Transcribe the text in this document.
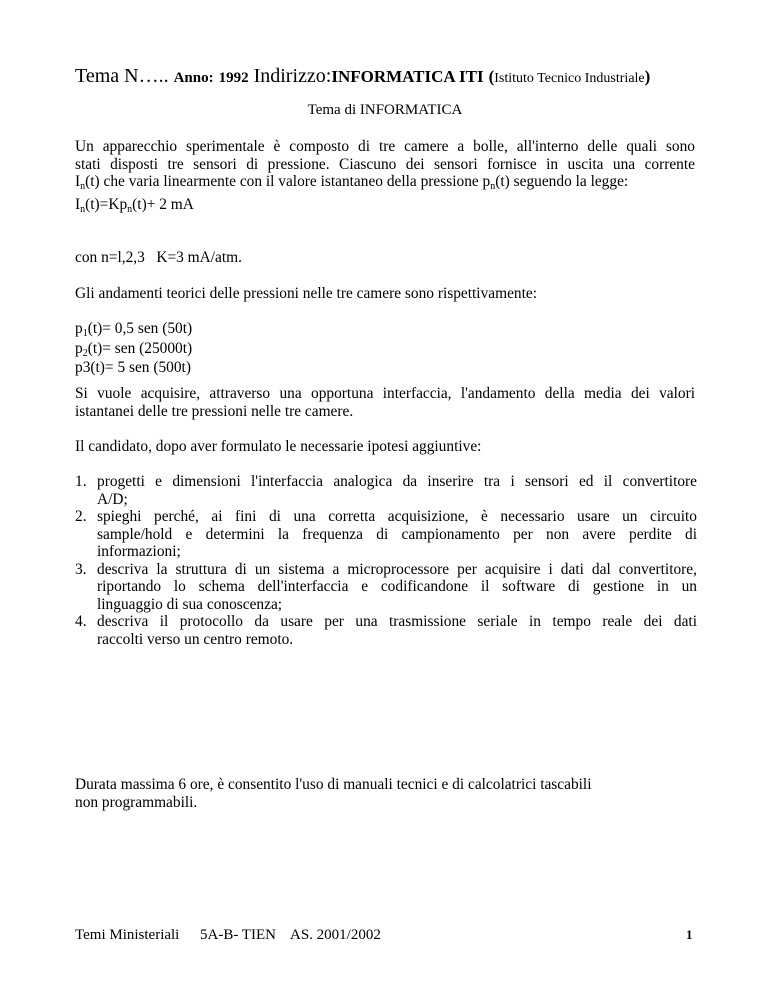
Tema N….. Anno: 1992 Indirizzo:INFORMATICA ITI (Istituto Tecnico Industriale)
Tema di INFORMATICA
Un apparecchio sperimentale è composto di tre camere a bolle, all'interno delle quali sono
stati disposti tre sensori di pressione. Ciascuno dei sensori fornisce in uscita una corrente
$I_n(t)$ che varia linearmente con il valore istantaneo della pressione $p_n(t)$ seguendo la legge:
$I_n(t)=Kp_n(t)+ 2$ mA
con n=l,2,3   K=3 mA/atm.
Gli andamenti teorici delle pressioni nelle tre camere sono rispettivamente:
$p_1(t)= 0,5$ sen (50t)
$p_2(t)=$ sen (25000t)
p3(t)= 5 sen (500t)
Si vuole acquisire, attraverso una opportuna interfaccia, l'andamento della media dei valori
istantanei delle tre pressioni nelle tre camere.
Il candidato, dopo aver formulato le necessarie ipotesi aggiuntive:
1. progetti e dimensioni l'interfaccia analogica da inserire tra i sensori ed il convertitore
A/D;
2. spieghi perché, ai fini di una corretta acquisizione, è necessario usare un circuito
sample/hold e determini la frequenza di campionamento per non avere perdite di
informazioni;
3. descriva la struttura di un sistema a microprocessore per acquisire i dati dal convertitore,
riportando lo schema dell'interfaccia e codificandone il software di gestione in un
linguaggio di sua conoscenza;
4. descriva il protocollo da usare per una trasmissione seriale in tempo reale dei dati
raccolti verso un centro remoto.
Durata massima 6 ore, è consentito l'uso di manuali tecnici e di calcolatrici tascabili
non programmabili.
Temi Ministeriali 5A-B- TIEN AS. 2001/2002	1
